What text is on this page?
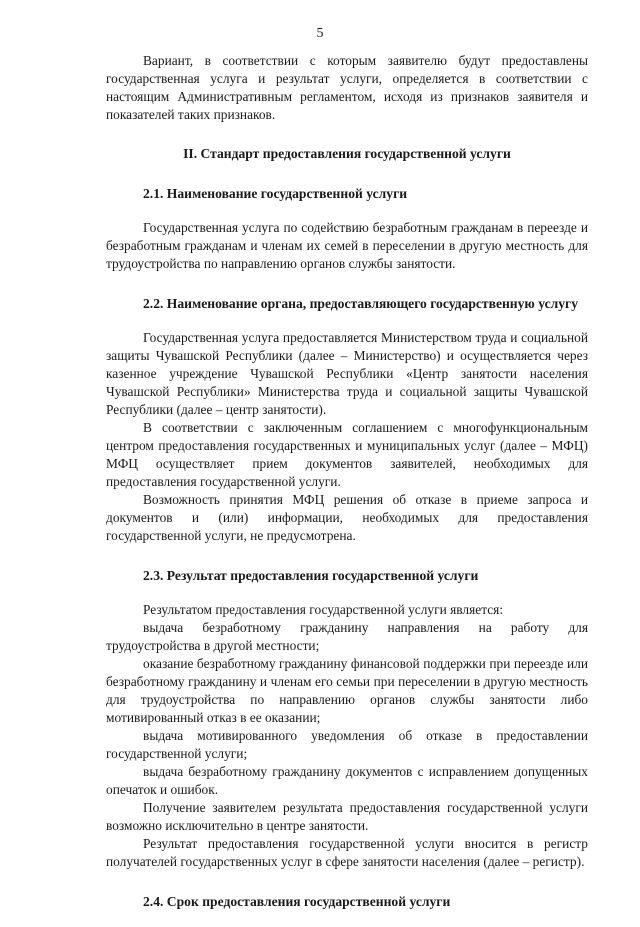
5

Вариант, в соответствии с которым заявителю будут предоставлены государственная услуга и результат услуги, определяется в соответствии с настоящим Административным регламентом, исходя из признаков заявителя и показателей таких признаков.

II. Стандарт предоставления государственной услуги
2.1. Наименование государственной услуги

Государственная услуга по содействию безработным гражданам в переезде и безработным гражданам и членам их семей в переселении в другую местность для трудоустройства по направлению органов службы занятости.

2.2. Наименование органа, предоставляющего государственную услугу

Государственная услуга предоставляется Министерством труда и социальной защиты Чувашской Республики (далее – Министерство) и осуществляется через казенное учреждение Чувашской Республики «Центр занятости населения Чувашской Республики» Министерства труда и социальной защиты Чувашской Республики (далее – центр занятости).

В соответствии с заключенным соглашением с многофункциональным центром предоставления государственных и муниципальных услуг (далее – МФЦ) МФЦ осуществляет прием документов заявителей, необходимых для предоставления государственной услуги.

Возможность принятия МФЦ решения об отказе в приеме запроса и документов и (или) информации, необходимых для предоставления государственной услуги, не предусмотрена.

2.3. Результат предоставления государственной услуги

Результатом предоставления государственной услуги является:

выдача безработному гражданину направления на работу для трудоустройства в другой местности;

оказание безработному гражданину финансовой поддержки при переезде или безработному гражданину и членам его семьи при переселении в другую местность для трудоустройства по направлению органов службы занятости либо мотивированный отказ в ее оказании;

выдача мотивированного уведомления об отказе в предоставлении государственной услуги;

выдача безработному гражданину документов с исправлением допущенных опечаток и ошибок.

Получение заявителем результата предоставления государственной услуги возможно исключительно в центре занятости.

Результат предоставления государственной услуги вносится в регистр получателей государственных услуг в сфере занятости населения (далее – регистр).

2.4. Срок предоставления государственной услуги
